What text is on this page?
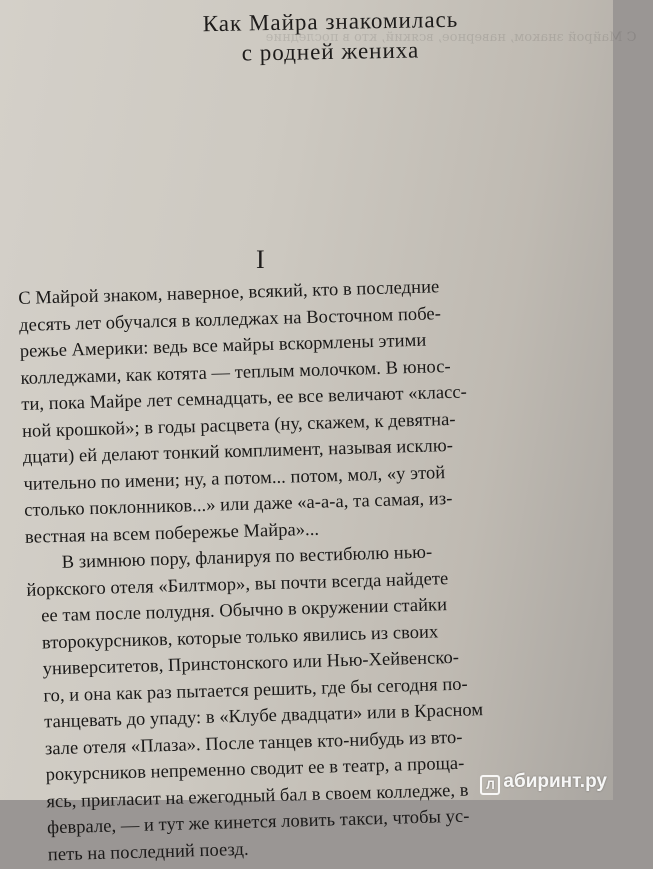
С Майрой знаком, наверное, всякий, кто в последние

Как Майра знакомилась
с родней жениха
I
С Майрой знаком, наверное, всякий, кто в последние
десять лет обучался в колледжах на Восточном побе-
режье Америки: ведь все майры вскормлены этими
колледжами, как котята — теплым молочком. В юнос-
ти, пока Майре лет семнадцать, ее все величают «класс-
ной крошкой»; в годы расцвета (ну, скажем, к девятна-
дцати) ей делают тонкий комплимент, называя исклю-
чительно по имени; ну, а потом... потом, мол, «у этой
столько поклонников...» или даже «а-а-а, та самая, из-
вестная на всем побережье Майра»...
В зимнюю пору, фланируя по вестибюлю нью-
йоркского отеля «Билтмор», вы почти всегда найдете
ее там после полудня. Обычно в окружении стайки
второкурсников, которые только явились из своих
университетов, Принстонского или Нью-Хейвенско-
го, и она как раз пытается решить, где бы сегодня по-
танцевать до упаду: в «Клубе двадцати» или в Красном
зале отеля «Плаза». После танцев кто-нибудь из вто-
рокурсников непременно сводит ее в театр, а проща-
ясь, пригласит на ежегодный бал в своем колледже, в
феврале, — и тут же кинется ловить такси, чтобы ус-
петь на последний поезд.
Л абиринт.ру
